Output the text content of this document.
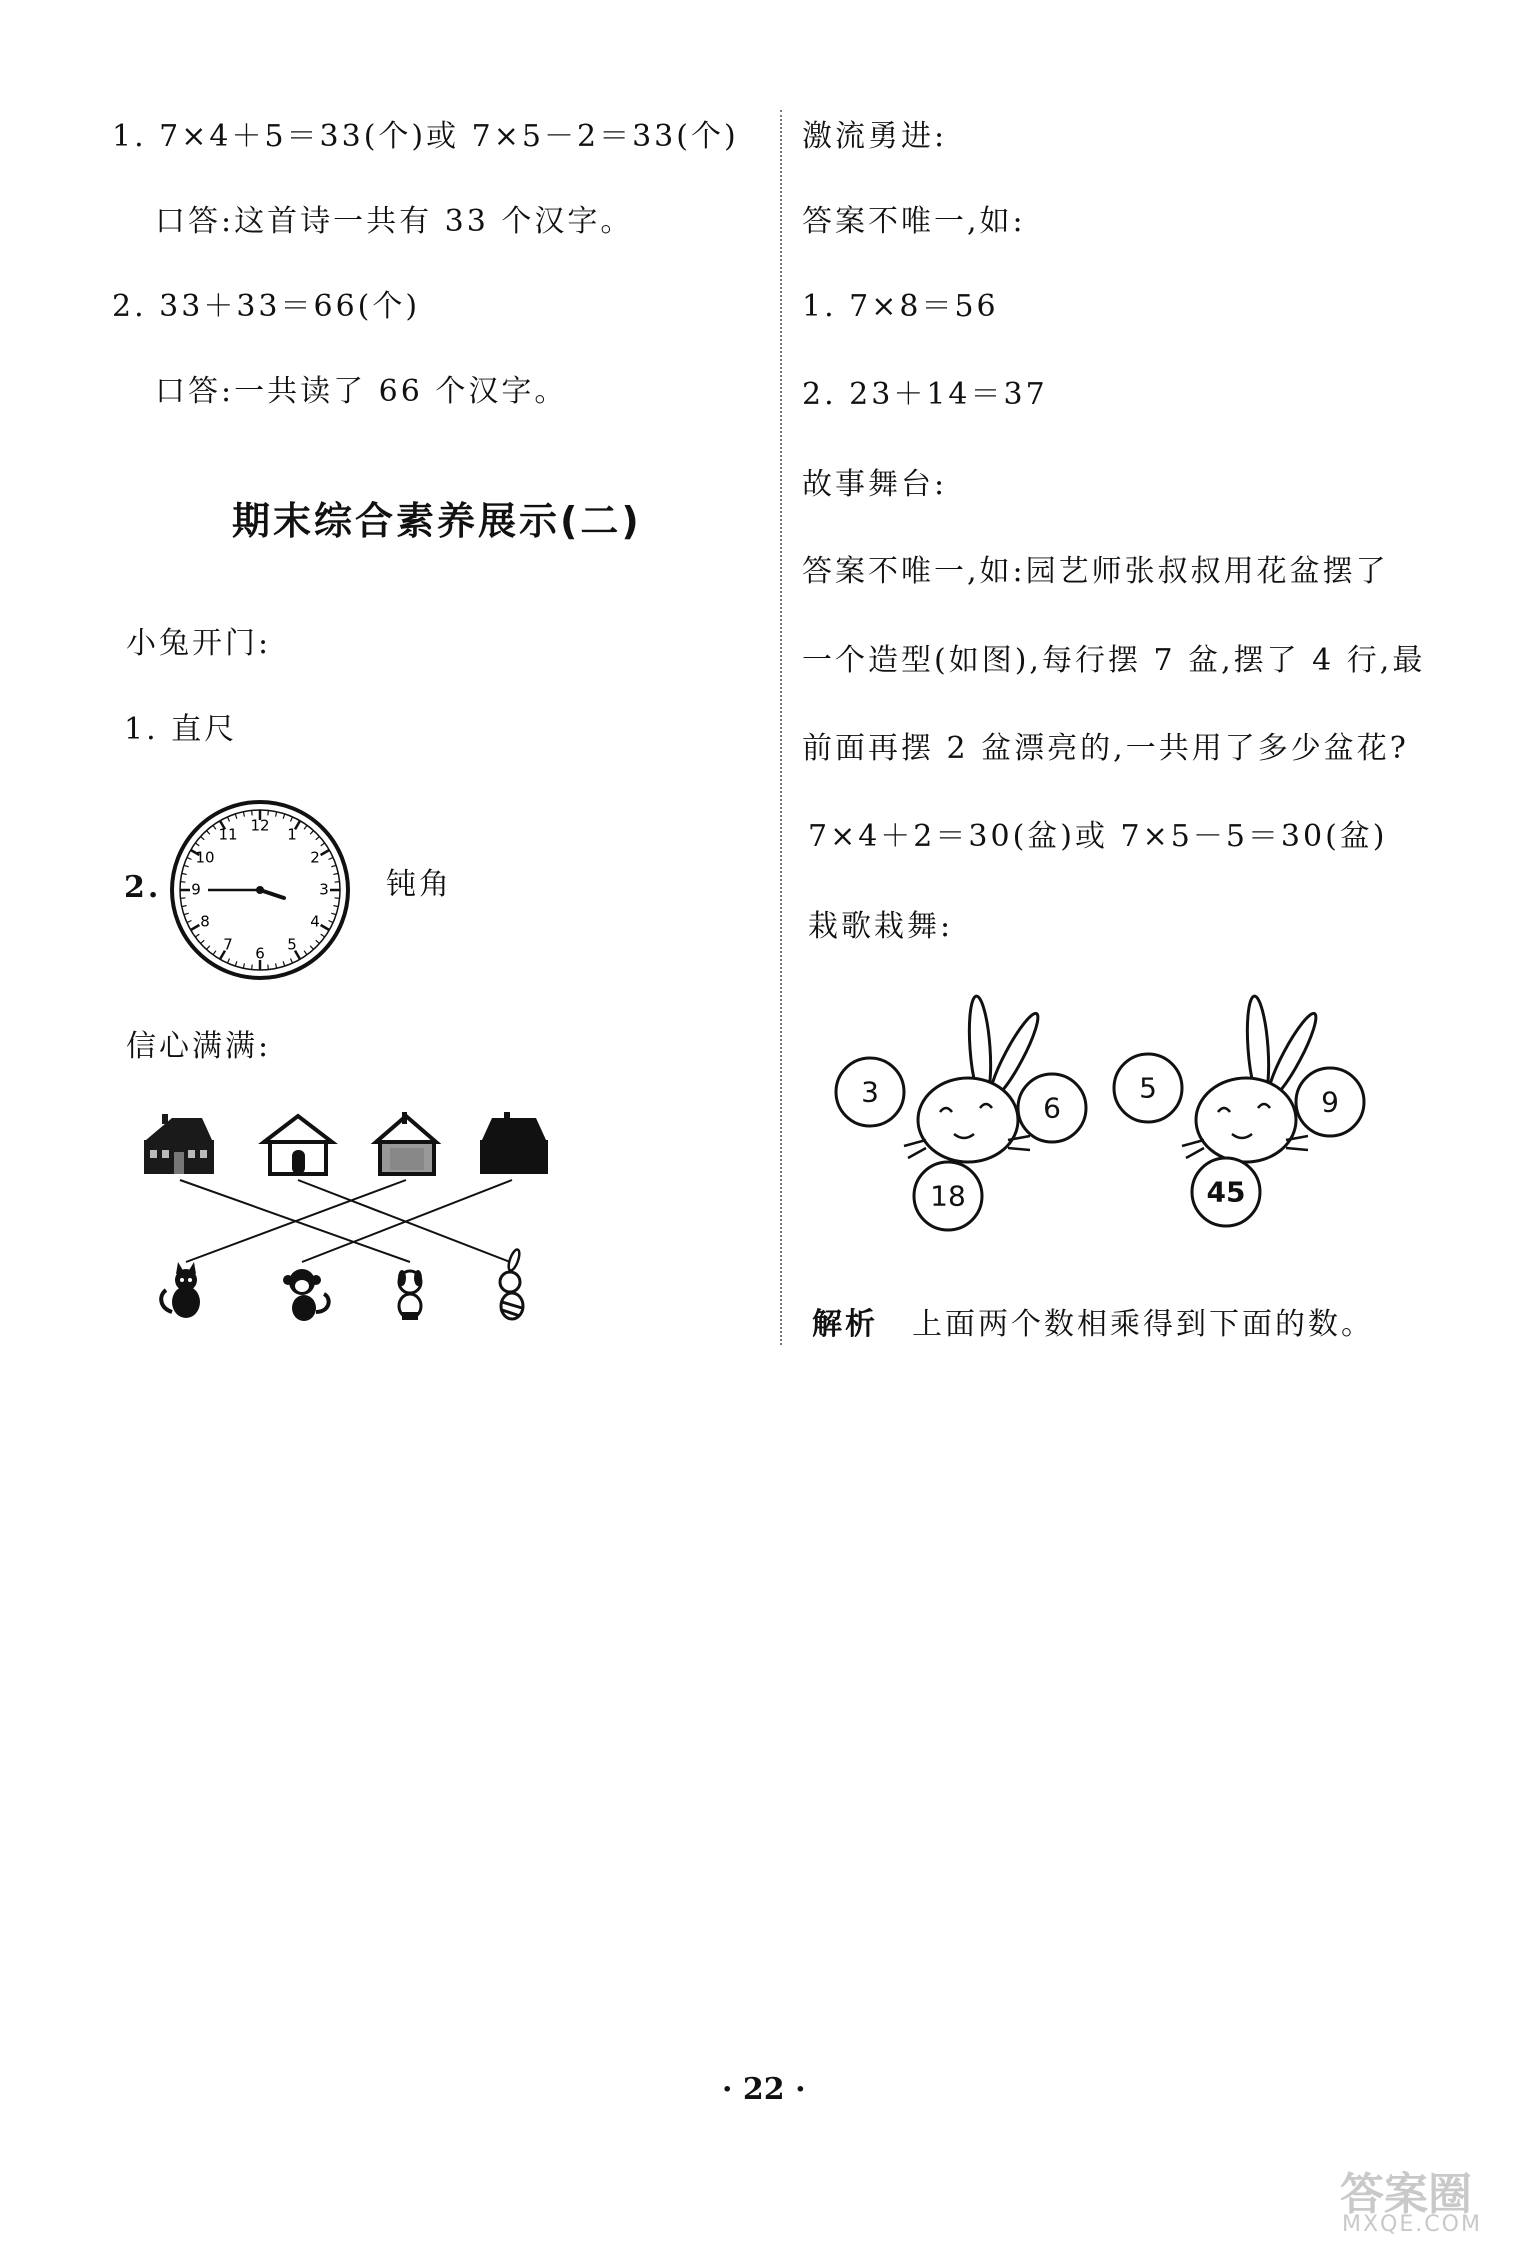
1. 7×4＋5＝33(个)或 7×5－2＝33(个)
口答:这首诗一共有 33 个汉字。
2. 33＋33＝66(个)
口答:一共读了 66 个汉字。
期末综合素养展示(二)
小兔开门:
1. 直尺
2.	钝角
12 1
2
3
4
5
6
7
8
9
10
11
信心满满:
激流勇进:
答案不唯一,如:
1. 7×8＝56
2. 23＋14＝37
故事舞台:
答案不唯一,如:园艺师张叔叔用花盆摆了
一个造型(如图),每行摆 7 盆,摆了 4 行,最
前面再摆 2 盆漂亮的,一共用了多少盆花?
7×4＋2＝30(盆)或 7×5－5＝30(盆)
栽歌栽舞:
3	6
18
5	9
45
解析 上面两个数相乘得到下面的数。
· 22 ·
答案圈
MXQE.COM
